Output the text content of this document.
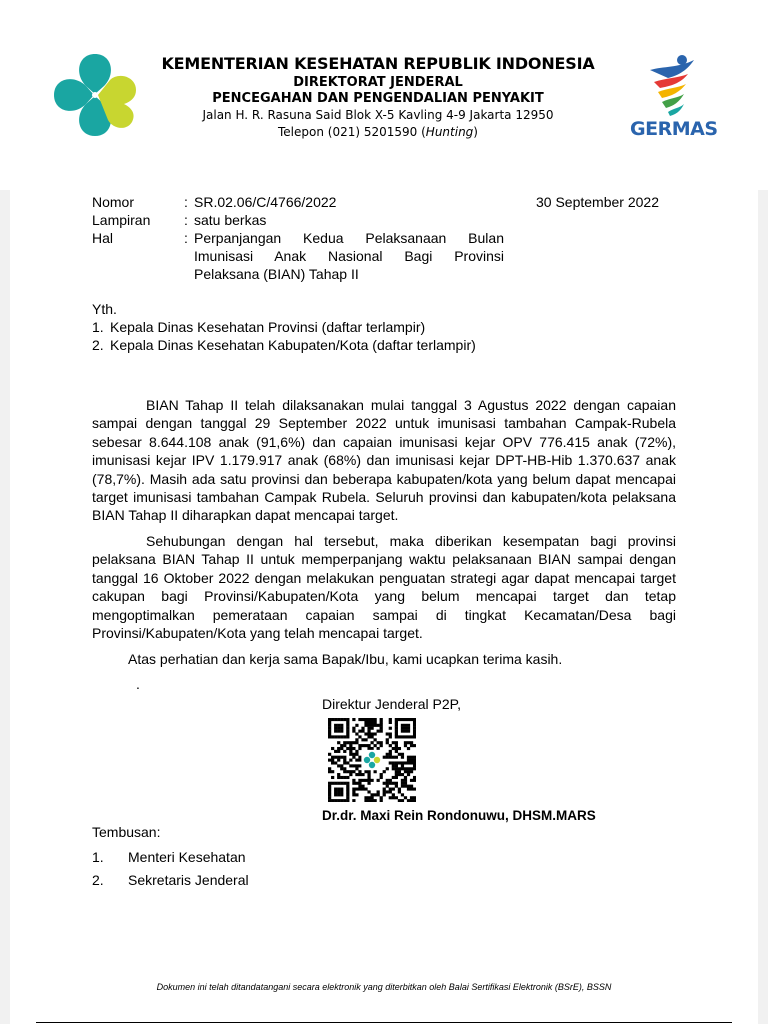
KEMENTERIAN KESEHATAN REPUBLIK INDONESIA
DIREKTORAT JENDERAL
PENCEGAHAN DAN PENGENDALIAN PENYAKIT
Jalan H. R. Rasuna Said Blok X-5 Kavling 4-9 Jakarta 12950
Telepon (021) 5201590 (Hunting)	GERMAS
Nomor	: SR.02.06/C/4766/2022
Lampiran	: satu berkas
Hal	: Perpanjangan Kedua Pelaksanaan Bulan
Imunisasi Anak Nasional Bagi Provinsi
Pelaksana (BIAN) Tahap II
30 September 2022
Yth.
1. Kepala Dinas Kesehatan Provinsi (daftar terlampir)
2. Kepala Dinas Kesehatan Kabupaten/Kota (daftar terlampir)
BIAN Tahap II telah dilaksanakan mulai tanggal 3 Agustus 2022 dengan capaian sampai dengan tanggal 29 September 2022 untuk imunisasi tambahan Campak-Rubela sebesar 8.644.108 anak (91,6%) dan capaian imunisasi kejar OPV 776.415 anak (72%), imunisasi kejar IPV 1.179.917 anak (68%) dan imunisasi kejar DPT-HB-Hib 1.370.637 anak (78,7%). Masih ada satu provinsi dan beberapa kabupaten/kota yang belum dapat mencapai target imunisasi tambahan Campak Rubela. Seluruh provinsi dan kabupaten/kota pelaksana BIAN Tahap II diharapkan dapat mencapai target.
Sehubungan dengan hal tersebut, maka diberikan kesempatan bagi provinsi pelaksana BIAN Tahap II untuk memperpanjang waktu pelaksanaan BIAN sampai dengan tanggal 16 Oktober 2022 dengan melakukan penguatan strategi agar dapat mencapai target cakupan bagi Provinsi/Kabupaten/Kota yang belum mencapai target dan tetap mengoptimalkan pemerataan capaian sampai di tingkat Kecamatan/Desa bagi Provinsi/Kabupaten/Kota yang telah mencapai target.
Atas perhatian dan kerja sama Bapak/Ibu, kami ucapkan terima kasih.
.
Direktur Jenderal P2P,
Dr.dr. Maxi Rein Rondonuwu, DHSM.MARS
Tembusan:
1.	Menteri Kesehatan
2.	Sekretaris Jenderal
Dokumen ini telah ditandatangani secara elektronik yang diterbitkan oleh Balai Sertifikasi Elektronik (BSrE), BSSN
